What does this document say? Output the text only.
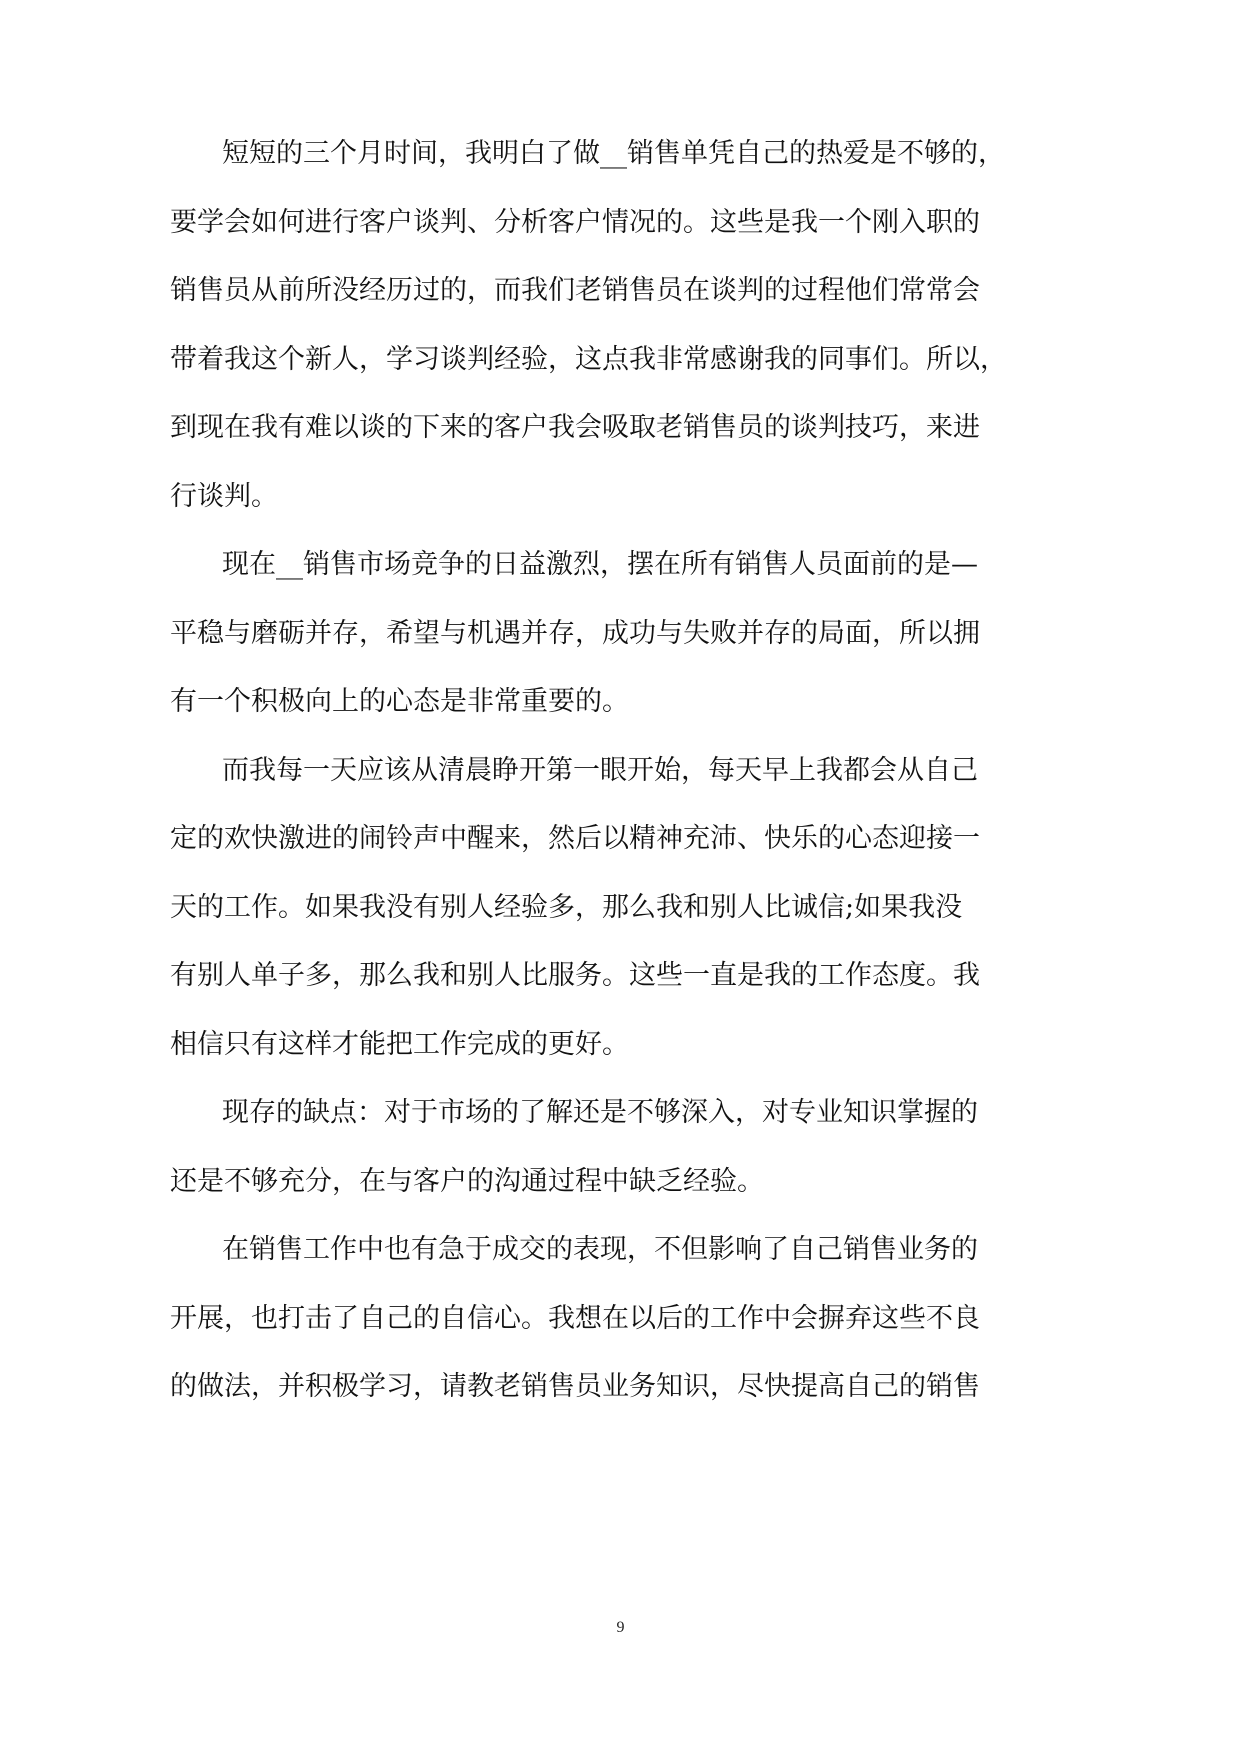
短短的三个月时间，我明白了做__销售单凭自己的热爱是不够的，

要学会如何进行客户谈判、分析客户情况的。这些是我一个刚入职的

销售员从前所没经历过的，而我们老销售员在谈判的过程他们常常会

带着我这个新人，学习谈判经验，这点我非常感谢我的同事们。所以，

到现在我有难以谈的下来的客户我会吸取老销售员的谈判技巧，来进

行谈判。

现在__销售市场竞争的日益激烈，摆在所有销售人员面前的是—

平稳与磨砺并存，希望与机遇并存，成功与失败并存的局面，所以拥

有一个积极向上的心态是非常重要的。

而我每一天应该从清晨睁开第一眼开始，每天早上我都会从自己

定的欢快激进的闹铃声中醒来，然后以精神充沛、快乐的心态迎接一

天的工作。如果我没有别人经验多，那么我和别人比诚信;如果我没

有别人单子多，那么我和别人比服务。这些一直是我的工作态度。我

相信只有这样才能把工作完成的更好。

现存的缺点：对于市场的了解还是不够深入，对专业知识掌握的

还是不够充分，在与客户的沟通过程中缺乏经验。

在销售工作中也有急于成交的表现，不但影响了自己销售业务的

开展，也打击了自己的自信心。我想在以后的工作中会摒弃这些不良

的做法，并积极学习，请教老销售员业务知识，尽快提高自己的销售

9
